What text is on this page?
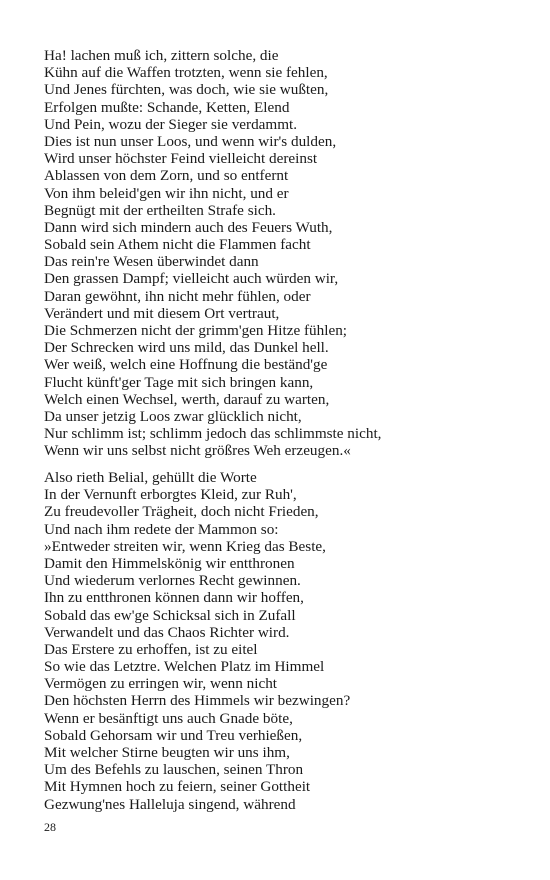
Ha! lachen muß ich, zittern solche, die
Kühn auf die Waffen trotzten, wenn sie fehlen,
Und Jenes fürchten, was doch, wie sie wußten,
Erfolgen mußte: Schande, Ketten, Elend
Und Pein, wozu der Sieger sie verdammt.
Dies ist nun unser Loos, und wenn wir's dulden,
Wird unser höchster Feind vielleicht dereinst
Ablassen von dem Zorn, und so entfernt
Von ihm beleid'gen wir ihn nicht, und er
Begnügt mit der ertheilten Strafe sich.
Dann wird sich mindern auch des Feuers Wuth,
Sobald sein Athem nicht die Flammen facht
Das rein're Wesen überwindet dann
Den grassen Dampf; vielleicht auch würden wir,
Daran gewöhnt, ihn nicht mehr fühlen, oder
Verändert und mit diesem Ort vertraut,
Die Schmerzen nicht der grimm'gen Hitze fühlen;
Der Schrecken wird uns mild, das Dunkel hell.
Wer weiß, welch eine Hoffnung die beständ'ge
Flucht künft'ger Tage mit sich bringen kann,
Welch einen Wechsel, werth, darauf zu warten,
Da unser jetzig Loos zwar glücklich nicht,
Nur schlimm ist; schlimm jedoch das schlimmste nicht,
Wenn wir uns selbst nicht größres Weh erzeugen.«
Also rieth Belial, gehüllt die Worte
In der Vernunft erborgtes Kleid, zur Ruh',
Zu freudevoller Trägheit, doch nicht Frieden,
Und nach ihm redete der Mammon so:
»Entweder streiten wir, wenn Krieg das Beste,
Damit den Himmelskönig wir entthronen
Und wiederum verlornes Recht gewinnen.
Ihn zu entthronen können dann wir hoffen,
Sobald das ew'ge Schicksal sich in Zufall
Verwandelt und das Chaos Richter wird.
Das Erstere zu erhoffen, ist zu eitel
So wie das Letztre. Welchen Platz im Himmel
Vermögen zu erringen wir, wenn nicht
Den höchsten Herrn des Himmels wir bezwingen?
Wenn er besänftigt uns auch Gnade böte,
Sobald Gehorsam wir und Treu verhießen,
Mit welcher Stirne beugten wir uns ihm,
Um des Befehls zu lauschen, seinen Thron
Mit Hymnen hoch zu feiern, seiner Gottheit
Gezwung'nes Halleluja singend, während
28
